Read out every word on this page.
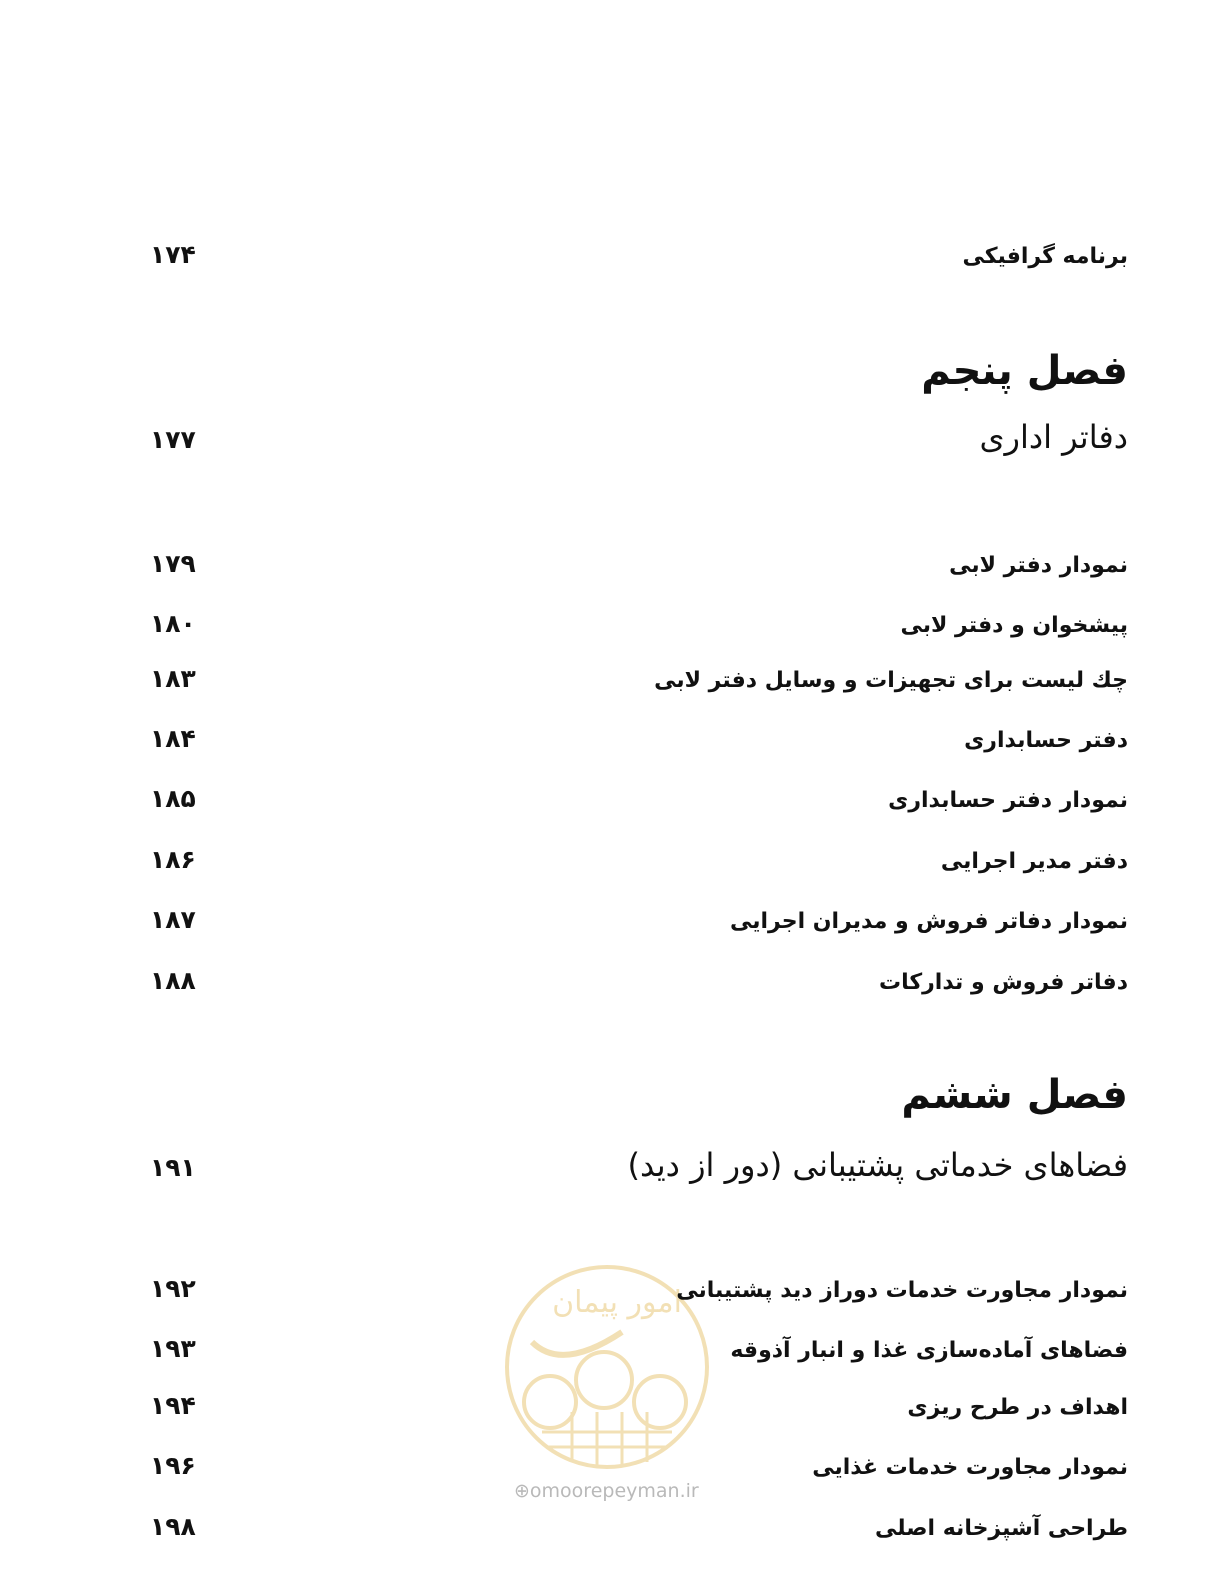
۱۷۴	برنامه گرافیکی
فصل پنجم
۱۷۷	دفاتر اداری
۱۷۹	نمودار دفتر لابی
۱۸۰	پیشخوان و دفتر لابی
۱۸۳	چك لیست برای تجهیزات و وسایل دفتر لابی
۱۸۴	دفتر حسابداری
۱۸۵	نمودار دفتر حسابداری
۱۸۶	دفتر مدیر اجرایی
۱۸۷	نمودار دفاتر فروش و مدیران اجرایی
۱۸۸	دفاتر فروش و تدارکات
فصل ششم
۱۹۱	فضاهای خدماتی پشتیبانی (دور از دید)
امور پیمان
⊕omoorepeyman.ir
۱۹۲	نمودار مجاورت خدمات دوراز دید پشتیبانی
۱۹۳	فضاهای آماده‌سازی غذا و انبار آذوقه
۱۹۴	اهداف در طرح ریزی
۱۹۶	نمودار مجاورت خدمات غذایی
۱۹۸	طراحی آشپزخانه اصلی
